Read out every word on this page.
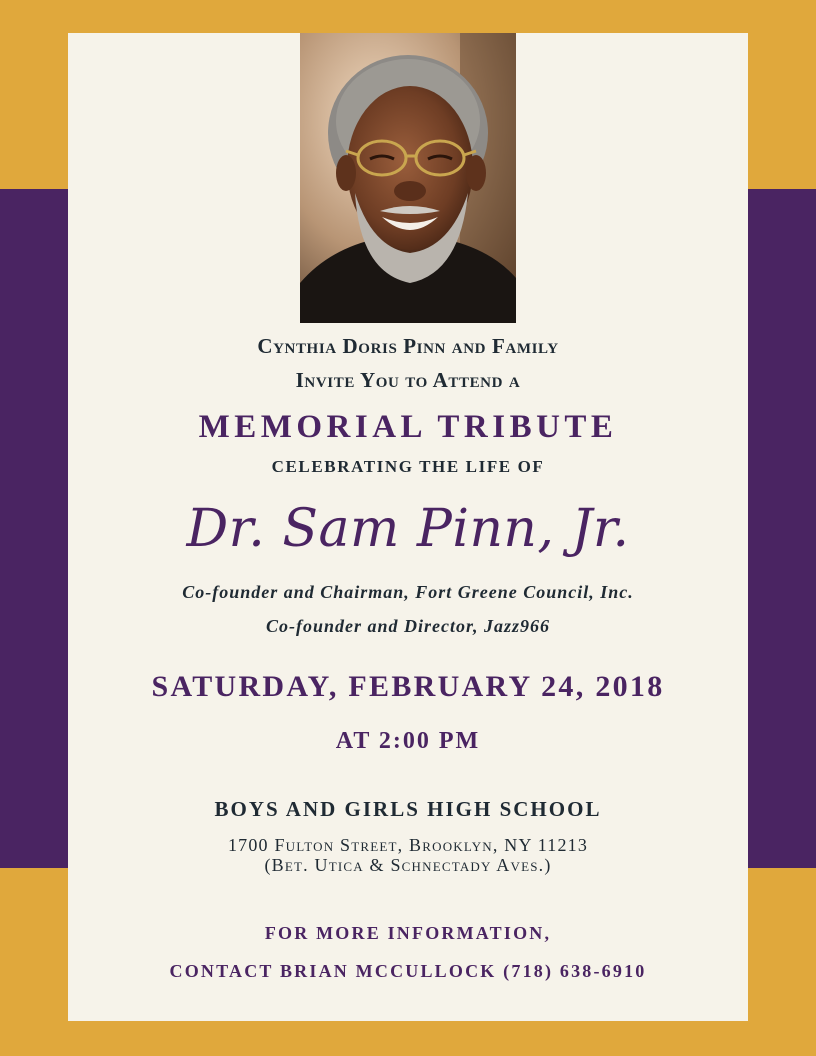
Cynthia Doris Pinn and Family
Invite You to Attend a
MEMORIAL TRIBUTE
CELEBRATING THE LIFE OF
Dr. Sam Pinn, Jr.
Co-founder and Chairman, Fort Greene Council, Inc.
Co-founder and Director, Jazz966
SATURDAY, FEBRUARY 24, 2018
AT 2:00 PM
BOYS AND GIRLS HIGH SCHOOL
1700 Fulton Street, Brooklyn, NY 11213
(Bet. Utica & Schnectady Aves.)
FOR MORE INFORMATION,
CONTACT BRIAN MCCULLOCK (718) 638-6910
